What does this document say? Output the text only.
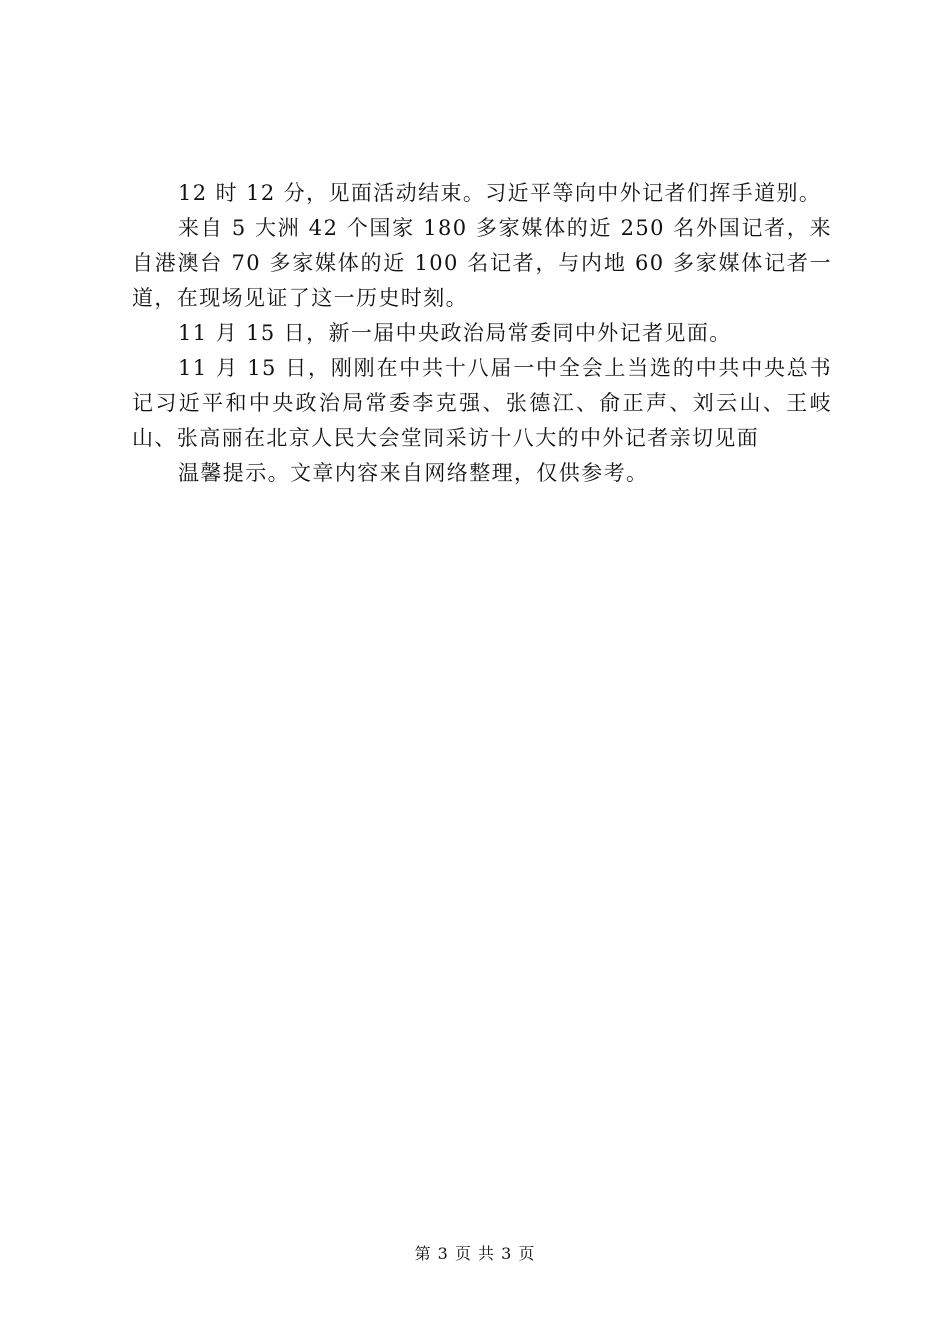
12 时 12 分，见面活动结束。习近平等向中外记者们挥手道别。

来自 5 大洲 42 个国家 180 多家媒体的近 250 名外国记者，来自港澳台 70 多家媒体的近 100 名记者，与内地 60 多家媒体记者一道，在现场见证了这一历史时刻。

11 月 15 日，新一届中央政治局常委同中外记者见面。

11 月 15 日，刚刚在中共十八届一中全会上当选的中共中央总书记习近平和中央政治局常委李克强、张德江、俞正声、刘云山、王岐山、张高丽在北京人民大会堂同采访十八大的中外记者亲切见面

温馨提示。文章内容来自网络整理，仅供参考。

第 3 页 共 3 页
